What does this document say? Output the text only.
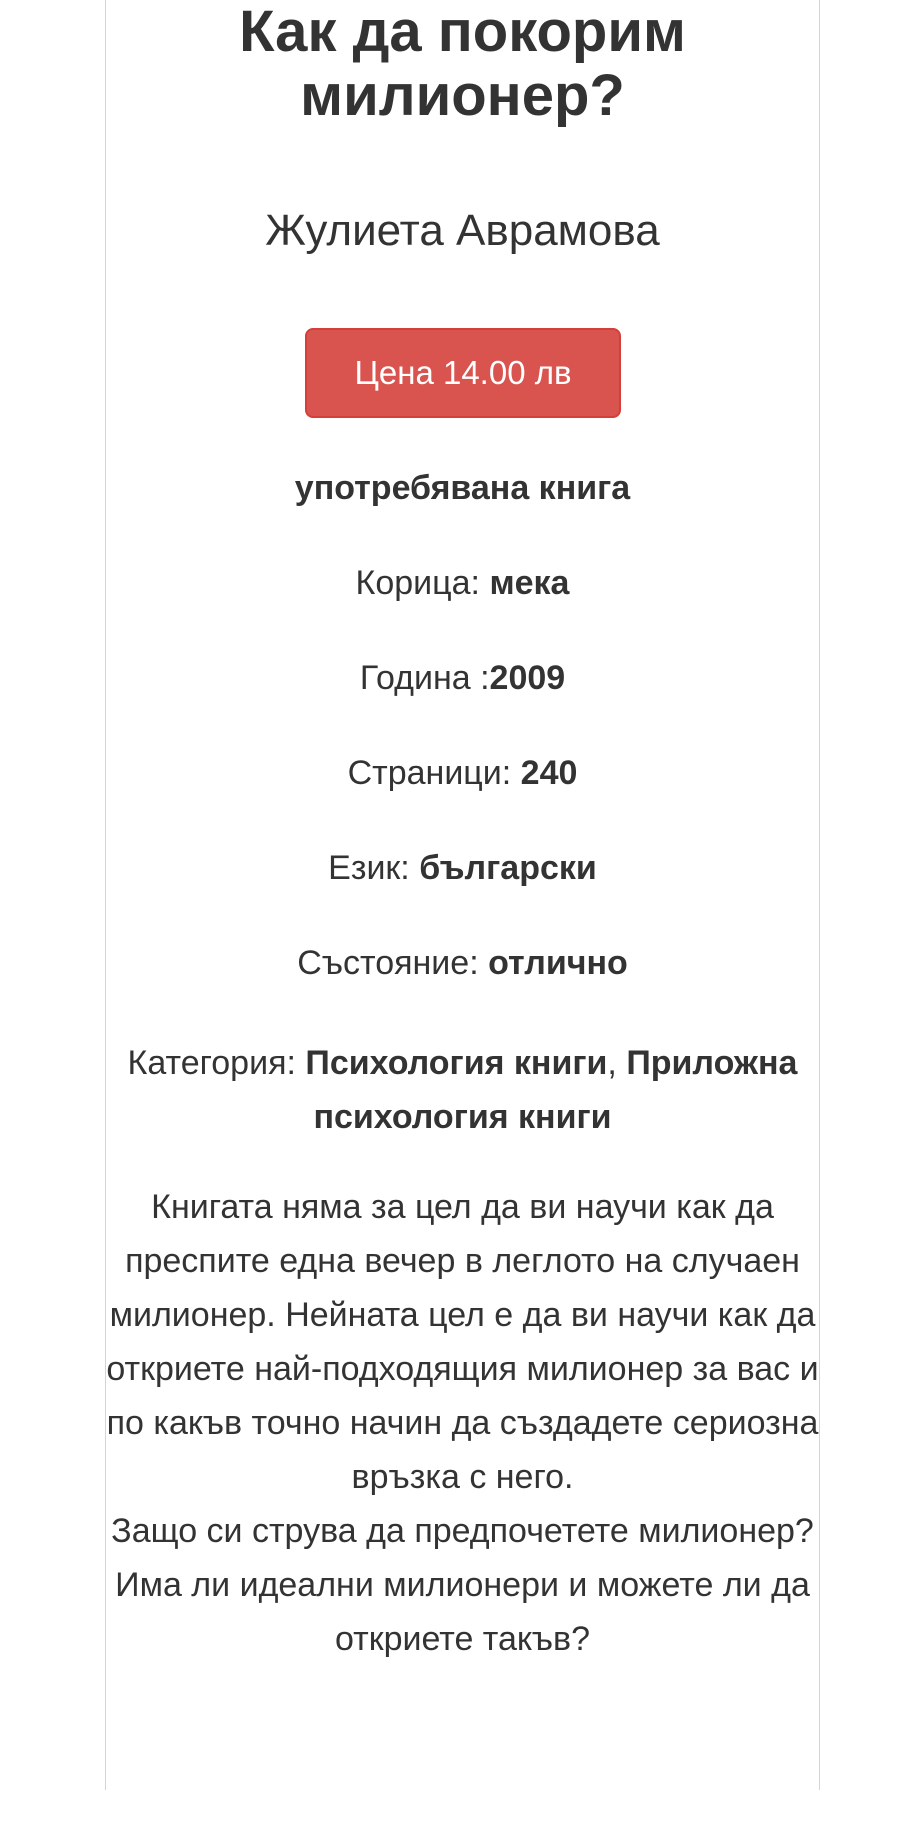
Как да покорим милионер?
Жулиета Аврамова
Цена 14.00 лв

употребявана книга

Корица: мека

Година :2009

Страници: 240

Език: български

Състояние: отлично

Категория: Психология книги, Приложна психология книги

Книгата няма за цел да ви научи как да преспите една вечер в леглото на случаен милионер. Нейната цел е да ви научи как да откриете най-подходящия милионер за вас и по какъв точно начин да създадете сериозна връзка с него.

Защо си струва да предпочетете милионер?

Има ли идеални милионери и можете ли да откриете такъв?
